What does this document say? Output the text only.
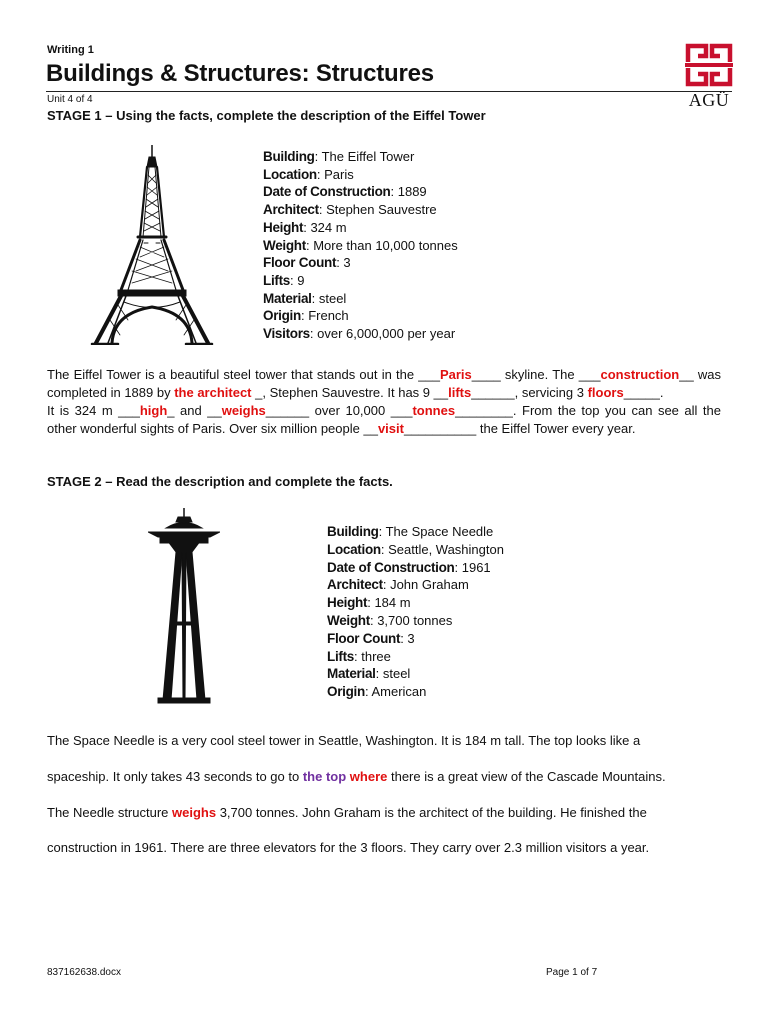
Writing 1
Buildings & Structures: Structures
Unit 4 of 4	AGÜ
STAGE 1 – Using the facts, complete the description of the Eiffel Tower
Building: The Eiffel Tower
Location: Paris
Date of Construction: 1889
Architect: Stephen Sauvestre
Height: 324 m
Weight: More than 10,000 tonnes
Floor Count: 3
Lifts: 9
Material: steel
Origin: French
Visitors: over 6,000,000 per year
The Eiffel Tower is a beautiful steel tower that stands out in the ___Paris____ skyline. The ___construction__ was completed in 1889 by the architect _, Stephen Sauvestre. It has 9 __lifts______, servicing 3 floors_____.
It is 324 m ___high_ and __weighs______ over 10,000 ___tonnes________. From the top you can see all the other wonderful sights of Paris. Over six million people __visit__________ the Eiffel Tower every year.
STAGE 2 – Read the description and complete the facts.
Building: The Space Needle
Location: Seattle, Washington
Date of Construction: 1961
Architect: John Graham
Height: 184 m
Weight: 3,700 tonnes
Floor Count: 3
Lifts: three
Material: steel
Origin: American
The Space Needle is a very cool steel tower in Seattle, Washington. It is 184 m tall. The top looks like a
spaceship. It only takes 43 seconds to go to the top where there is a great view of the Cascade Mountains.
The Needle structure weighs 3,700 tonnes. John Graham is the architect of the building. He finished the
construction in 1961. There are three elevators for the 3 floors. They carry over 2.3 million visitors a year.
837162638.docx	Page 1 of 7
